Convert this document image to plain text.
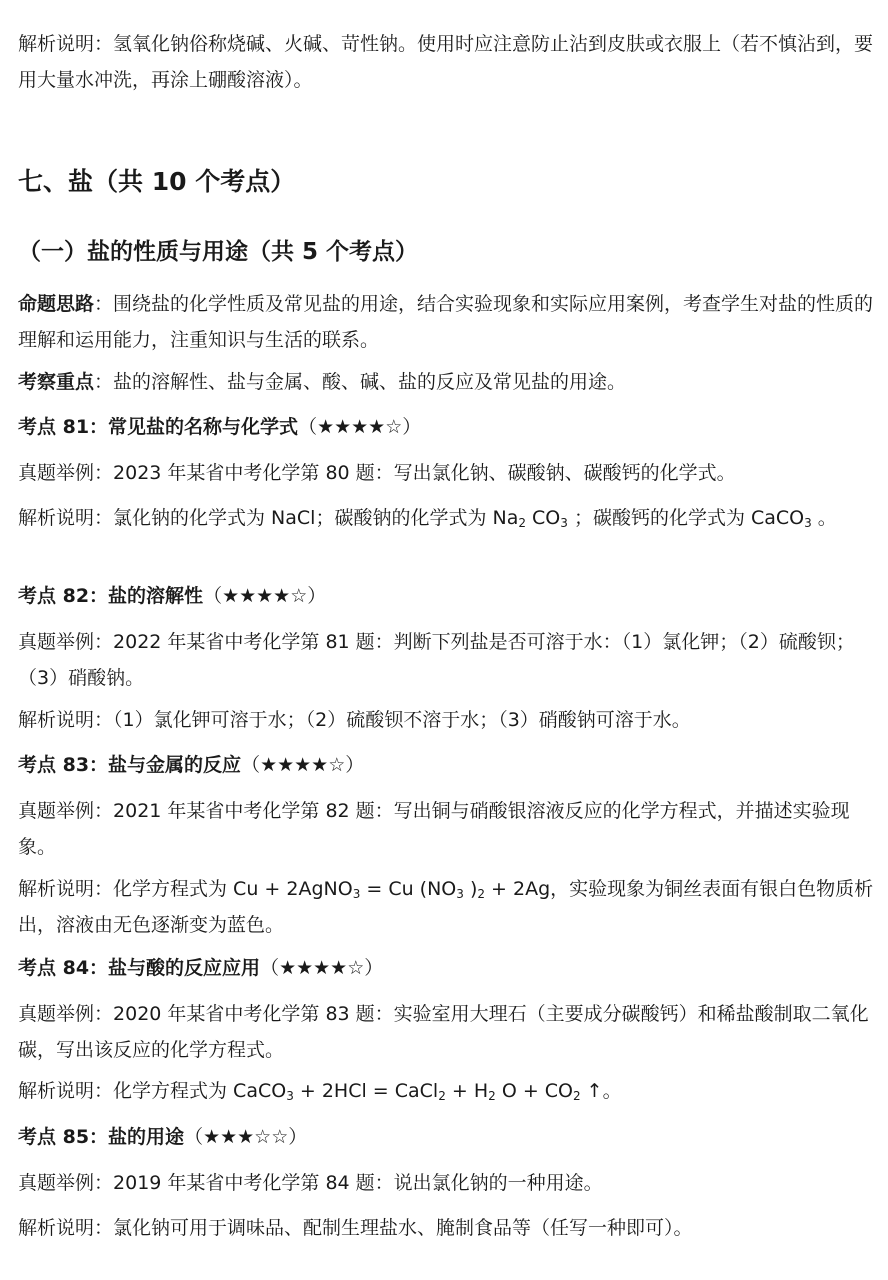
解析说明：氢氧化钠俗称烧碱、火碱、苛性钠。使用时应注意防止沾到皮肤或衣服上（若不慎沾到，要用大量水冲洗，再涂上硼酸溶液）。

七、盐（共 10 个考点）
（一）盐的性质与用途（共 5 个考点）

命题思路：围绕盐的化学性质及常见盐的用途，结合实验现象和实际应用案例，考查学生对盐的性质的理解和运用能力，注重知识与生活的联系。

考察重点：盐的溶解性、盐与金属、酸、碱、盐的反应及常见盐的用途。

考点 81：常见盐的名称与化学式（★★★★☆）

真题举例：2023 年某省中考化学第 80 题：写出氯化钠、碳酸钠、碳酸钙的化学式。

解析说明：氯化钠的化学式为 NaCl；碳酸钠的化学式为 $Na_2$ $CO_3$ ；碳酸钙的化学式为 CaCO$_3$ 。

考点 82：盐的溶解性（★★★★☆）

真题举例：2022 年某省中考化学第 81 题：判断下列盐是否可溶于水：（1）氯化钾；（2）硫酸钡；（3）硝酸钠。

解析说明：（1）氯化钾可溶于水；（2）硫酸钡不溶于水；（3）硝酸钠可溶于水。

考点 83：盐与金属的反应（★★★★☆）

真题举例：2021 年某省中考化学第 82 题：写出铜与硝酸银溶液反应的化学方程式，并描述实验现象。

解析说明：化学方程式为 Cu + 2AgNO$_3$ = Cu ($NO_3$ )$_2 + 2Ag$，实验现象为铜丝表面有银白色物质析出，溶液由无色逐渐变为蓝色。

考点 84：盐与酸的反应应用（★★★★☆）

真题举例：2020 年某省中考化学第 83 题：实验室用大理石（主要成分碳酸钙）和稀盐酸制取二氧化碳，写出该反应的化学方程式。

解析说明：化学方程式为 CaCO$_3$ + 2HCl = CaCl$_2$ + $H_2$ $O + CO_2$ ↑。

考点 85：盐的用途（★★★☆☆）

真题举例：2019 年某省中考化学第 84 题：说出氯化钠的一种用途。

解析说明：氯化钠可用于调味品、配制生理盐水、腌制食品等（任写一种即可）。
